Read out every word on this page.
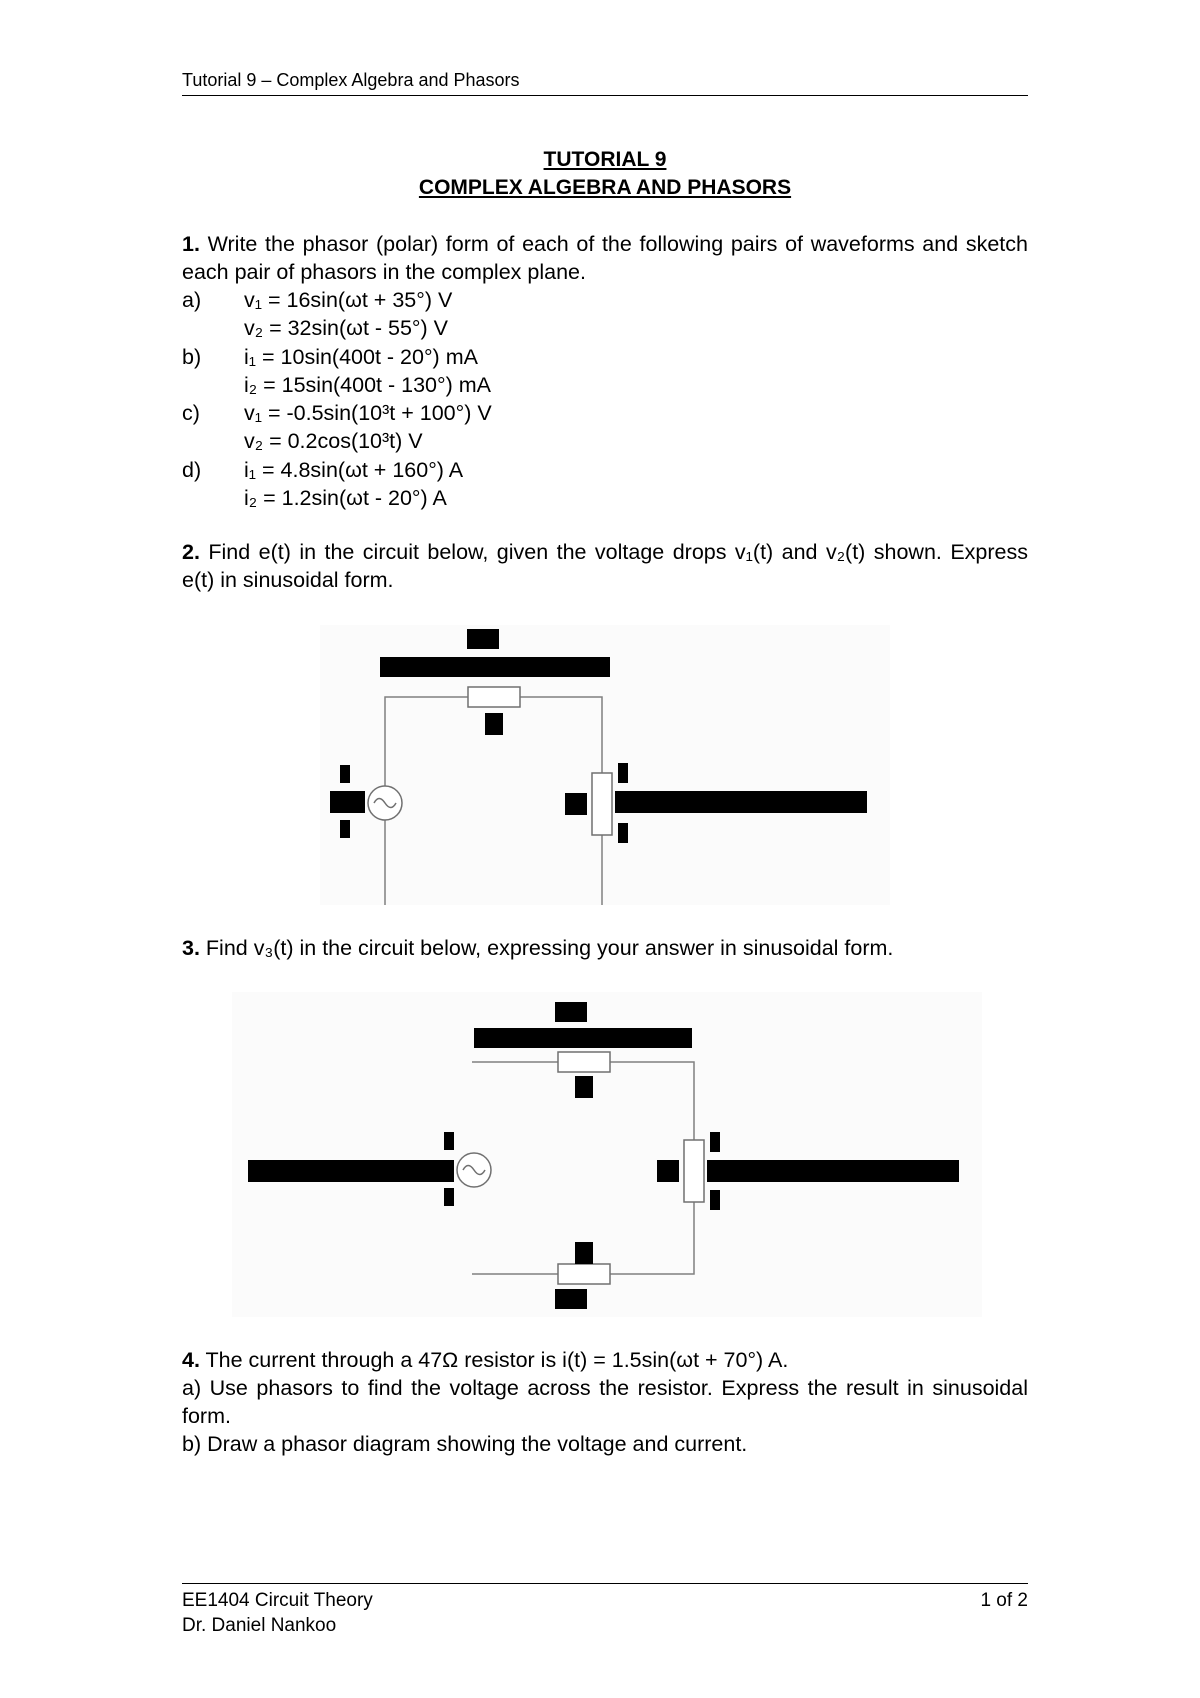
Tutorial 9 – Complex Algebra and Phasors
TUTORIAL 9
COMPLEX ALGEBRA AND PHASORS
1. Write the phasor (polar) form of each of the following pairs of waveforms and sketch each pair of phasors in the complex plane.
a)	v₁ = 16sin(ωt + 35°) V
v₂ = 32sin(ωt - 55°) V
b)	i₁ = 10sin(400t - 20°) mA
i₂ = 15sin(400t - 130°) mA
c)	v₁ = -0.5sin(10³t + 100°) V
v₂ = 0.2cos(10³t) V
d)	i₁ = 4.8sin(ωt + 160°) A
i₂ = 1.2sin(ωt - 20°) A
2. Find e(t) in the circuit below, given the voltage drops v₁(t) and v₂(t) shown. Express e(t) in sinusoidal form.
3. Find v₃(t) in the circuit below, expressing your answer in sinusoidal form.
4. The current through a 47Ω resistor is i(t) = 1.5sin(ωt + 70°) A.
a) Use phasors to find the voltage across the resistor. Express the result in sinusoidal form.
b) Draw a phasor diagram showing the voltage and current.
EE1404 Circuit Theory	1 of 2
Dr. Daniel Nankoo
